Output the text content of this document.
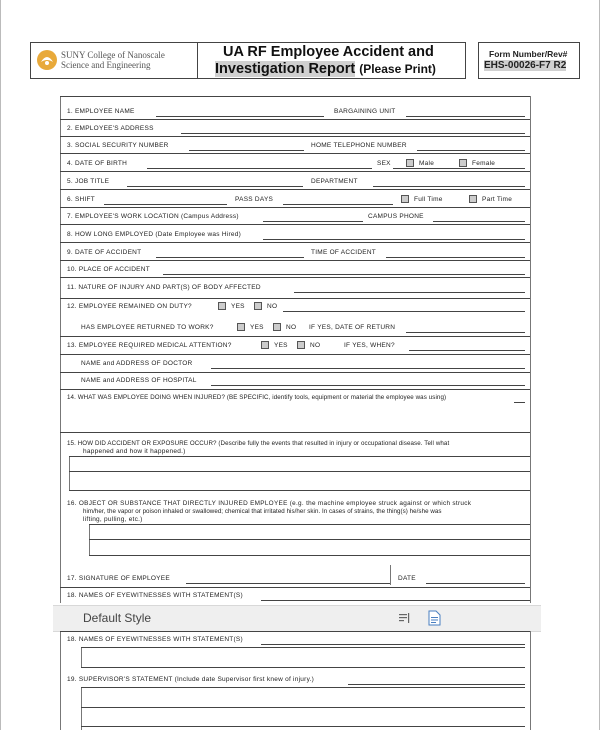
SUNY College of Nanoscale
Science and Engineering
UA RF Employee Accident and
Investigation Report (Please Print)
Form Number/Rev#
EHS-00026-F7 R2
1. EMPLOYEE NAME	BARGAINING UNIT
2. EMPLOYEE'S ADDRESS
3. SOCIAL SECURITY NUMBER	HOME TELEPHONE NUMBER
4. DATE OF BIRTH	SEX	Male	Female
5. JOB TITLE	DEPARTMENT
6. SHIFT	PASS DAYS	Full Time	Part Time
7. EMPLOYEE'S WORK LOCATION (Campus Address)	CAMPUS PHONE
8. HOW LONG EMPLOYED (Date Employee was Hired)
9. DATE OF ACCIDENT	TIME OF ACCIDENT
10. PLACE OF ACCIDENT
11. NATURE OF INJURY AND PART(S) OF BODY AFFECTED
12. EMPLOYEE REMAINED ON DUTY?	YES	NO
HAS EMPLOYEE RETURNED TO WORK?	YES	NO IF YES, DATE OF RETURN
13. EMPLOYEE REQUIRED MEDICAL ATTENTION?	YES	NO	IF YES, WHEN?
NAME and ADDRESS OF DOCTOR
NAME and ADDRESS OF HOSPITAL
14. WHAT WAS EMPLOYEE DOING WHEN INJURED? (BE SPECIFIC, identify tools, equipment or material the employee was using)
15. HOW DID ACCIDENT OR EXPOSURE OCCUR? (Describe fully the events that resulted in injury or occupational disease. Tell what
happened and how it happened.)
16. OBJECT OR SUBSTANCE THAT DIRECTLY INJURED EMPLOYEE (e.g. the machine employee struck against or which struck
him/her, the vapor or poison inhaled or swallowed; chemical that irritated his/her skin. In cases of strains, the thing(s) he/she was
lifting, pulling, etc.)
17. SIGNATURE OF EMPLOYEE	DATE
18. NAMES OF EYEWITNESSES WITH STATEMENT(S)
Default Style
18. NAMES OF EYEWITNESSES WITH STATEMENT(S)
19. SUPERVISOR'S STATEMENT (Include date Supervisor first knew of injury.)
